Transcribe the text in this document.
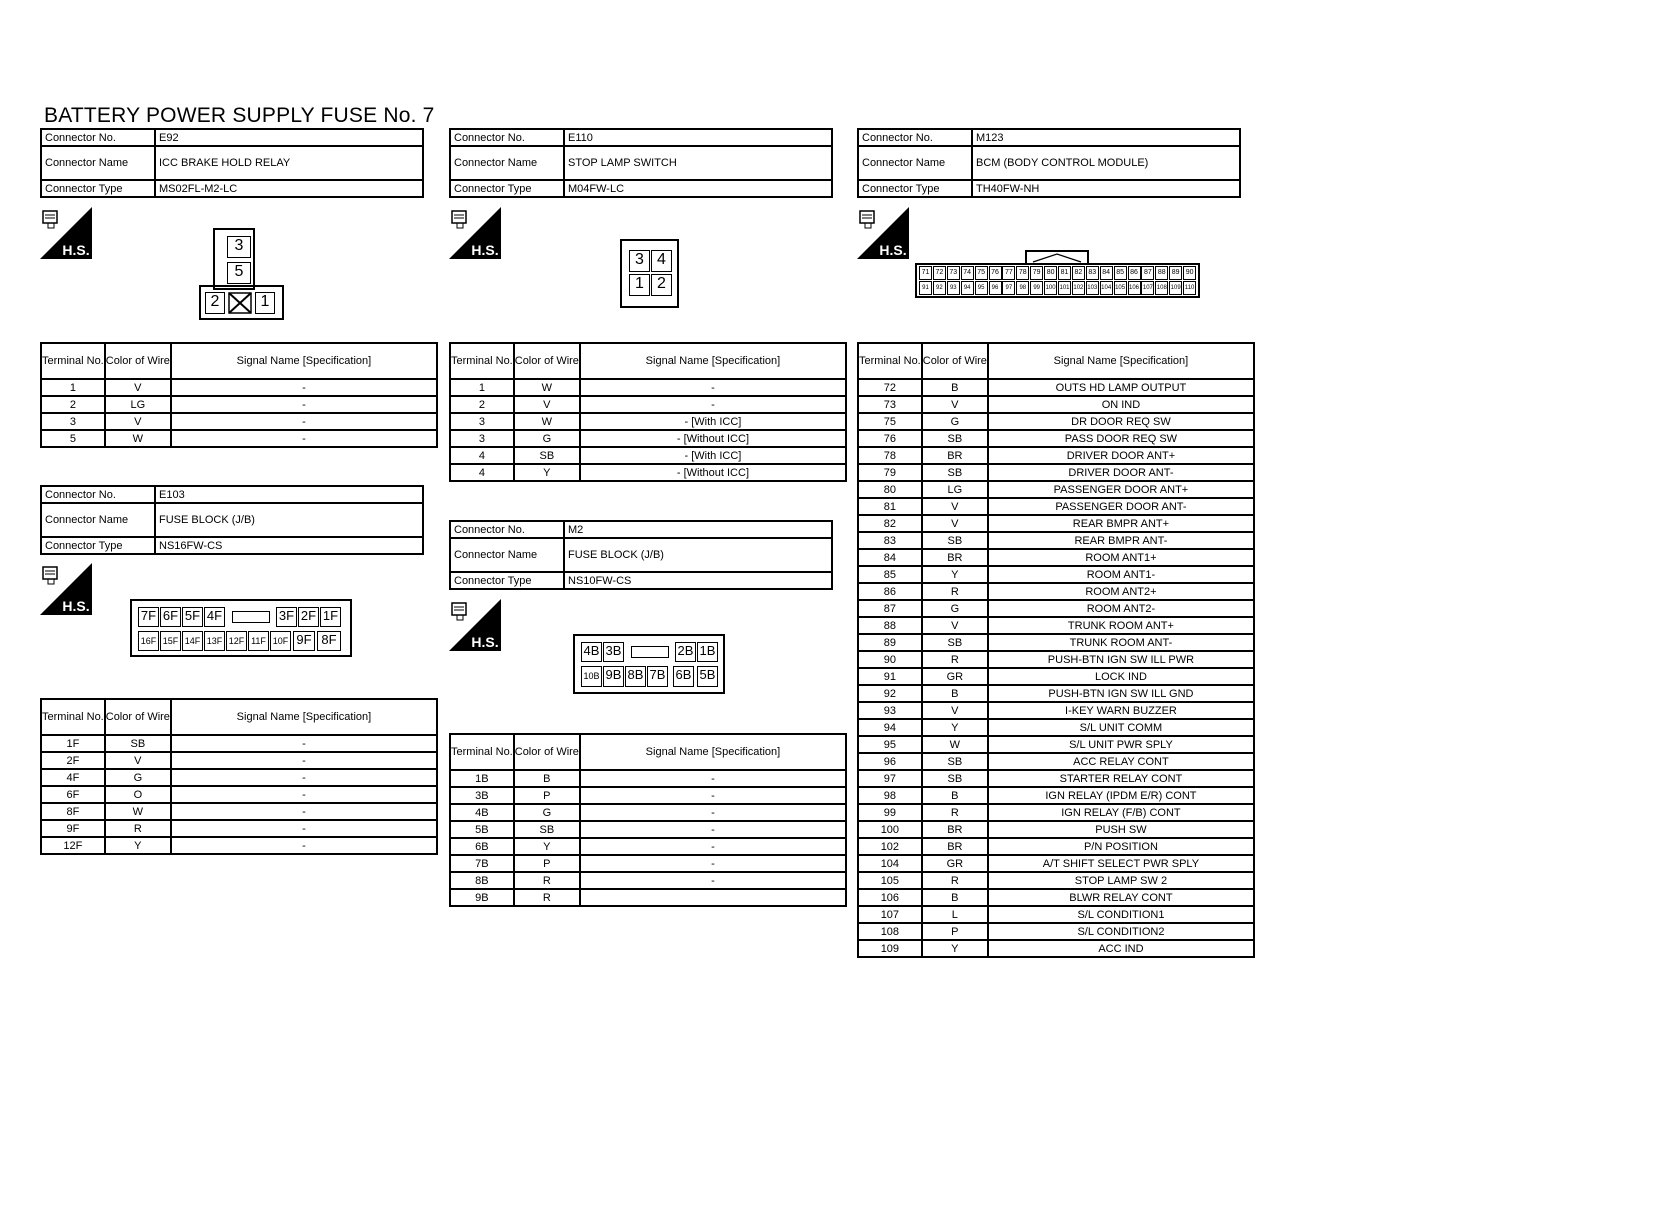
BATTERY POWER SUPPLY FUSE No. 7
Connector No.	E92
Connector Name	ICC BRAKE HOLD RELAY
Connector Type	MS02FL-M2-LC
H.S.	3
5
2	1
Terminal No.	Color of Wire	Signal Name [Specification]
1	V	-
2	LG	-
3	V	-
5	W	-
Connector No.	E103
Connector Name	FUSE BLOCK (J/B)
Connector Type	NS16FW-CS
H.S.
7F 6F 5F 4F	3F 2F 1F
16F 15F 14F 13F 12F 11F 10F 9F 8F
Terminal No.	Color of Wire	Signal Name [Specification]
1F	SB	-
2F	V	-
4F	G	-
6F	O	-
8F	W	-
9F	R	-
12F	Y	-
Connector No.	E110
Connector Name	STOP LAMP SWITCH
Connector Type	M04FW-LC
H.S.
3 4
1 2
Terminal No.	Color of Wire	Signal Name [Specification]
1	W	-
2	V	-
3	W	- [With ICC]
3	G	- [Without ICC]
4	SB	- [With ICC]
4	Y	- [Without ICC]
Connector No.	M2
Connector Name	FUSE BLOCK (J/B)
Connector Type	NS10FW-CS
H.S.
4B 3B	2B 1B
10B 9B 8B 7B 6B 5B
Terminal No.	Color of Wire	Signal Name [Specification]
1B	B	-
3B	P	-
4B	G	-
5B	SB	-
6B	Y	-
7B	P	-
8B	R	-
9B	R	
Connector No.	M123
Connector Name	BCM (BODY CONTROL MODULE)
Connector Type	TH40FW-NH
H.S.
71 72 73 74 75 76 77 78 79 80 81 82 83 84 85 86 87 88 89 90
91	92	93	94	95	96	97	98	99 100 101 102 103 104 105 106 107 108 109 110
Terminal No.	Color of Wire	Signal Name [Specification]
72	B	OUTS HD LAMP OUTPUT
73	V	ON IND
75	G	DR DOOR REQ SW
76	SB	PASS DOOR REQ SW
78	BR	DRIVER DOOR ANT+
79	SB	DRIVER DOOR ANT-
80	LG	PASSENGER DOOR ANT+
81	V	PASSENGER DOOR ANT-
82	V	REAR BMPR ANT+
83	SB	REAR BMPR ANT-
84	BR	ROOM ANT1+
85	Y	ROOM ANT1-
86	R	ROOM ANT2+
87	G	ROOM ANT2-
88	V	TRUNK ROOM ANT+
89	SB	TRUNK ROOM ANT-
90	R	PUSH-BTN IGN SW ILL PWR
91	GR	LOCK IND
92	B	PUSH-BTN IGN SW ILL GND
93	V	I-KEY WARN BUZZER
94	Y	S/L UNIT COMM
95	W	S/L UNIT PWR SPLY
96	SB	ACC RELAY CONT
97	SB	STARTER RELAY CONT
98	B	IGN RELAY (IPDM E/R) CONT
99	R	IGN RELAY (F/B) CONT
100	BR	PUSH SW
102	BR	P/N POSITION
104	GR	A/T SHIFT SELECT PWR SPLY
105	R	STOP LAMP SW 2
106	B	BLWR RELAY CONT
107	L	S/L CONDITION1
108	P	S/L CONDITION2
109	Y	ACC IND
